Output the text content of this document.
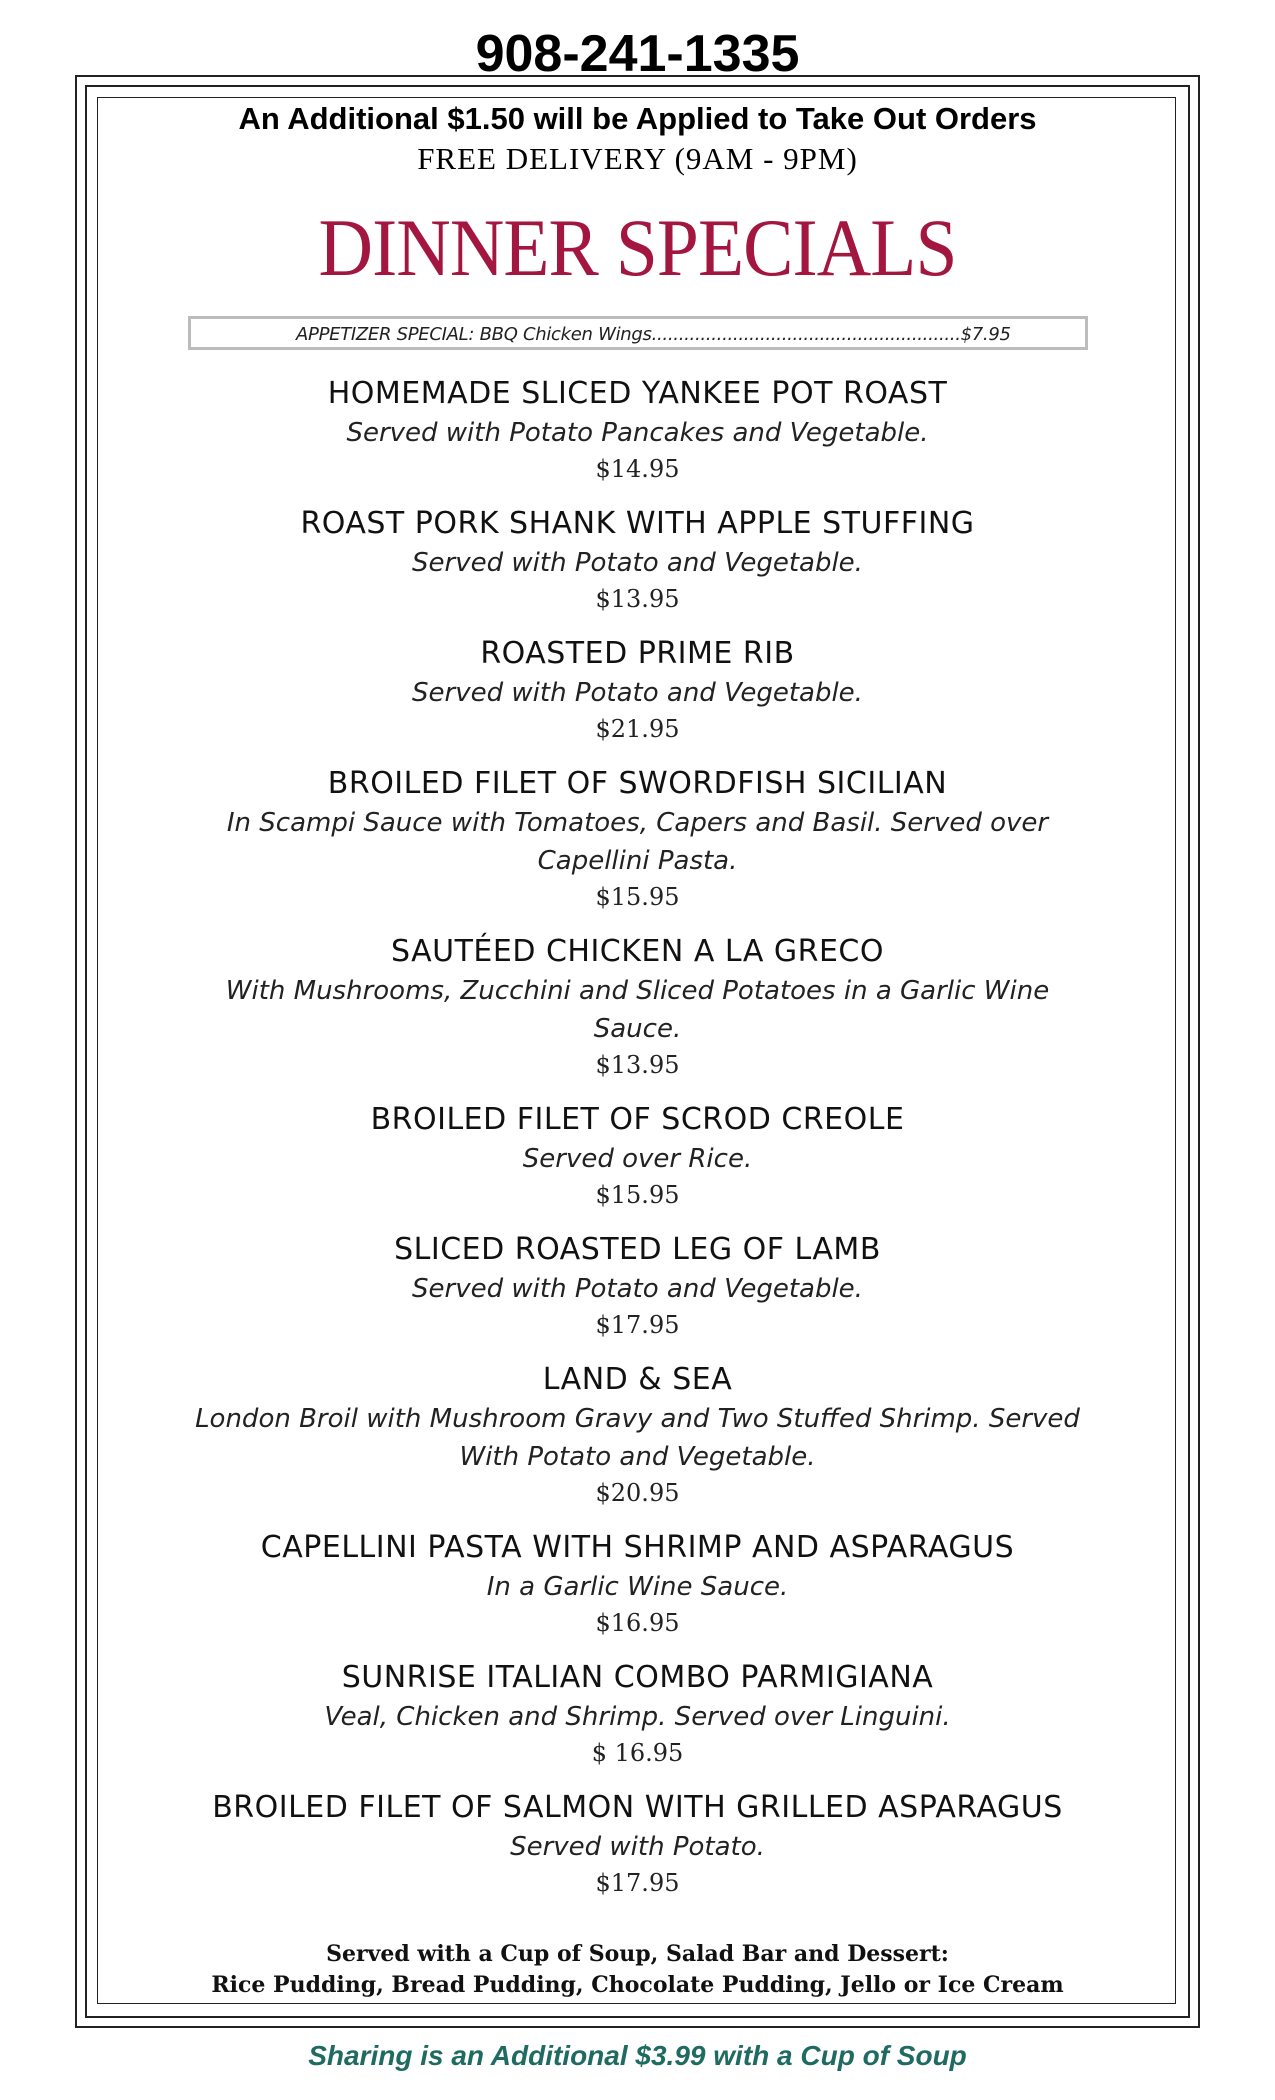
908-241-1335
An Additional $1.50 will be Applied to Take Out Orders
FREE DELIVERY (9AM - 9PM)
DINNER SPECIALS
APPETIZER SPECIAL: BBQ Chicken Wings.........................................................$7.95
HOMEMADE SLICED YANKEE POT ROAST
Served with Potato Pancakes and Vegetable.
$14.95
ROAST PORK SHANK WITH APPLE STUFFING
Served with Potato and Vegetable.
$13.95
ROASTED PRIME RIB
Served with Potato and Vegetable.
$21.95
BROILED FILET OF SWORDFISH SICILIAN
In Scampi Sauce with Tomatoes, Capers and Basil. Served over Capellini Pasta.
$15.95
SAUTÉED CHICKEN A LA GRECO
With Mushrooms, Zucchini and Sliced Potatoes in a Garlic Wine Sauce.
$13.95
BROILED FILET OF SCROD CREOLE
Served over Rice.
$15.95
SLICED ROASTED LEG OF LAMB
Served with Potato and Vegetable.
$17.95
LAND & SEA
London Broil with Mushroom Gravy and Two Stuffed Shrimp. Served With Potato and Vegetable.
$20.95
CAPELLINI PASTA WITH SHRIMP AND ASPARAGUS
In a Garlic Wine Sauce.
$16.95
SUNRISE ITALIAN COMBO PARMIGIANA
Veal, Chicken and Shrimp. Served over Linguini.
$ 16.95
BROILED FILET OF SALMON WITH GRILLED ASPARAGUS
Served with Potato.
$17.95
Served with a Cup of Soup, Salad Bar and Dessert:
Rice Pudding, Bread Pudding, Chocolate Pudding, Jello or Ice Cream
Sharing is an Additional $3.99 with a Cup of Soup
